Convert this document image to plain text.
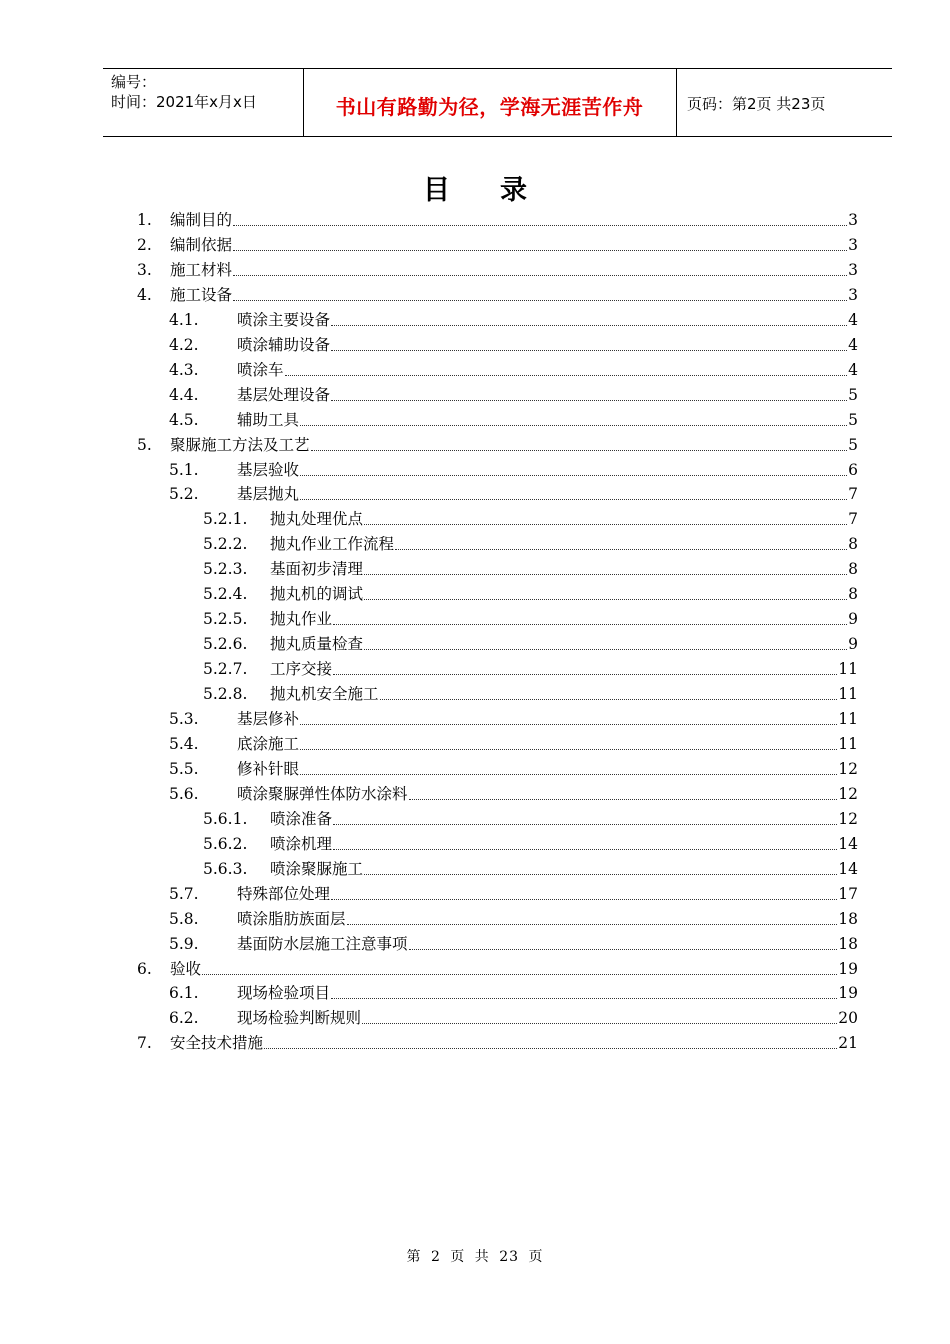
编号：
时间：2021年x月x日	书山有路勤为径，学海无涯苦作舟	页码：第2页 共23页
目录
1.	编制目的	3
2.	编制依据	3
3.	施工材料	3
4.	施工设备	3
4.1.	喷涂主要设备	4
4.2.	喷涂辅助设备	4
4.3.	喷涂车	4
4.4.	基层处理设备	5
4.5.	辅助工具	5
5.	聚脲施工方法及工艺	5
5.1.	基层验收	6
5.2.	基层抛丸	7
5.2.1.	抛丸处理优点	7
5.2.2.	抛丸作业工作流程	8
5.2.3.	基面初步清理	8
5.2.4.	抛丸机的调试	8
5.2.5.	抛丸作业	9
5.2.6.	抛丸质量检查	9
5.2.7.	工序交接	11
5.2.8.	抛丸机安全施工	11
5.3.	基层修补	11
5.4.	底涂施工	11
5.5.	修补针眼	12
5.6.	喷涂聚脲弹性体防水涂料	12
5.6.1.	喷涂准备	12
5.6.2.	喷涂机理	14
5.6.3.	喷涂聚脲施工	14
5.7.	特殊部位处理	17
5.8.	喷涂脂肪族面层	18
5.9.	基面防水层施工注意事项	18
6.	验收	19
6.1.	现场检验项目	19
6.2.	现场检验判断规则	20
7.	安全技术措施	21
第 2 页 共 23 页
